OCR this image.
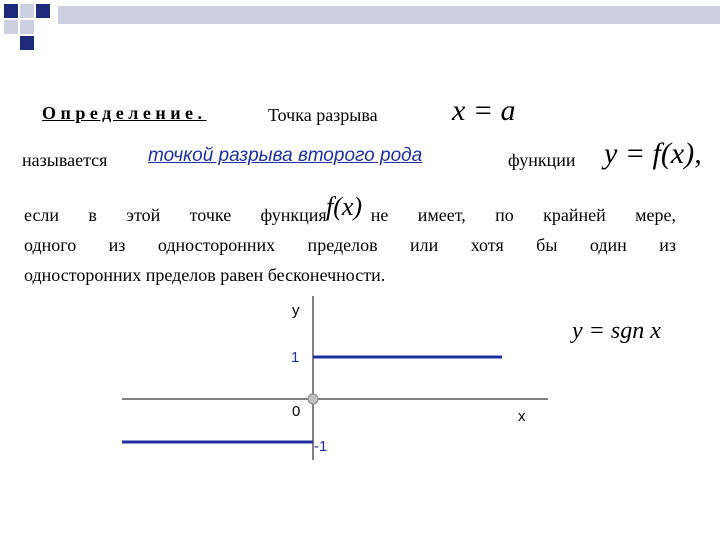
Определение.	Точка разрыва x = a
называется точкой разрыва второго рода	функции y = f(x),
если в этой точке функция не имеет, по крайней мере,
одного из односторонних пределов или хотя бы один из
односторонних пределов равен бесконечности.
f(x)
y
1
0	x
-1
y = sgn x
